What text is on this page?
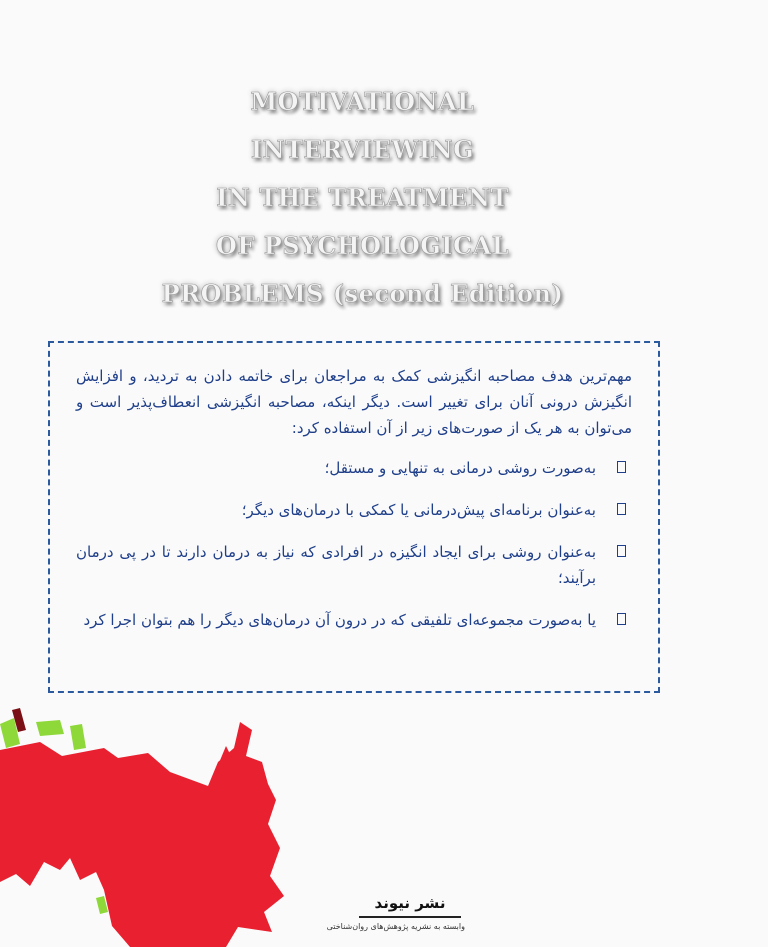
MOTIVATIONAL
INTERVIEWING
IN THE TREATMENT
OF PSYCHOLOGICAL
PROBLEMS (second Edition)

مهم‌ترین هدف مصاحبه انگیزشی کمک به مراجعان برای خاتمه دادن به تردید، و افزایش انگیزش درونی آنان برای تغییر است. دیگر اینکه، مصاحبه انگیزشی انعطاف‌پذیر است و می‌توان به هر یک از صورت‌های زیر از آن استفاده کرد:

به‌صورت روشی درمانی به تنهایی و مستقل؛
به‌عنوان برنامه‌ای پیش‌درمانی یا کمکی با درمان‌های دیگر؛
به‌عنوان روشی برای ایجاد انگیزه در افرادی که نیاز به درمان دارند تا در پی درمان برآیند؛
یا به‌صورت مجموعه‌ای تلفیقی که در درون آن درمان‌های دیگر را هم بتوان اجرا کرد
نشر نیوند
وابسته به نشریه پژوهش‌های روان‌شناختی
